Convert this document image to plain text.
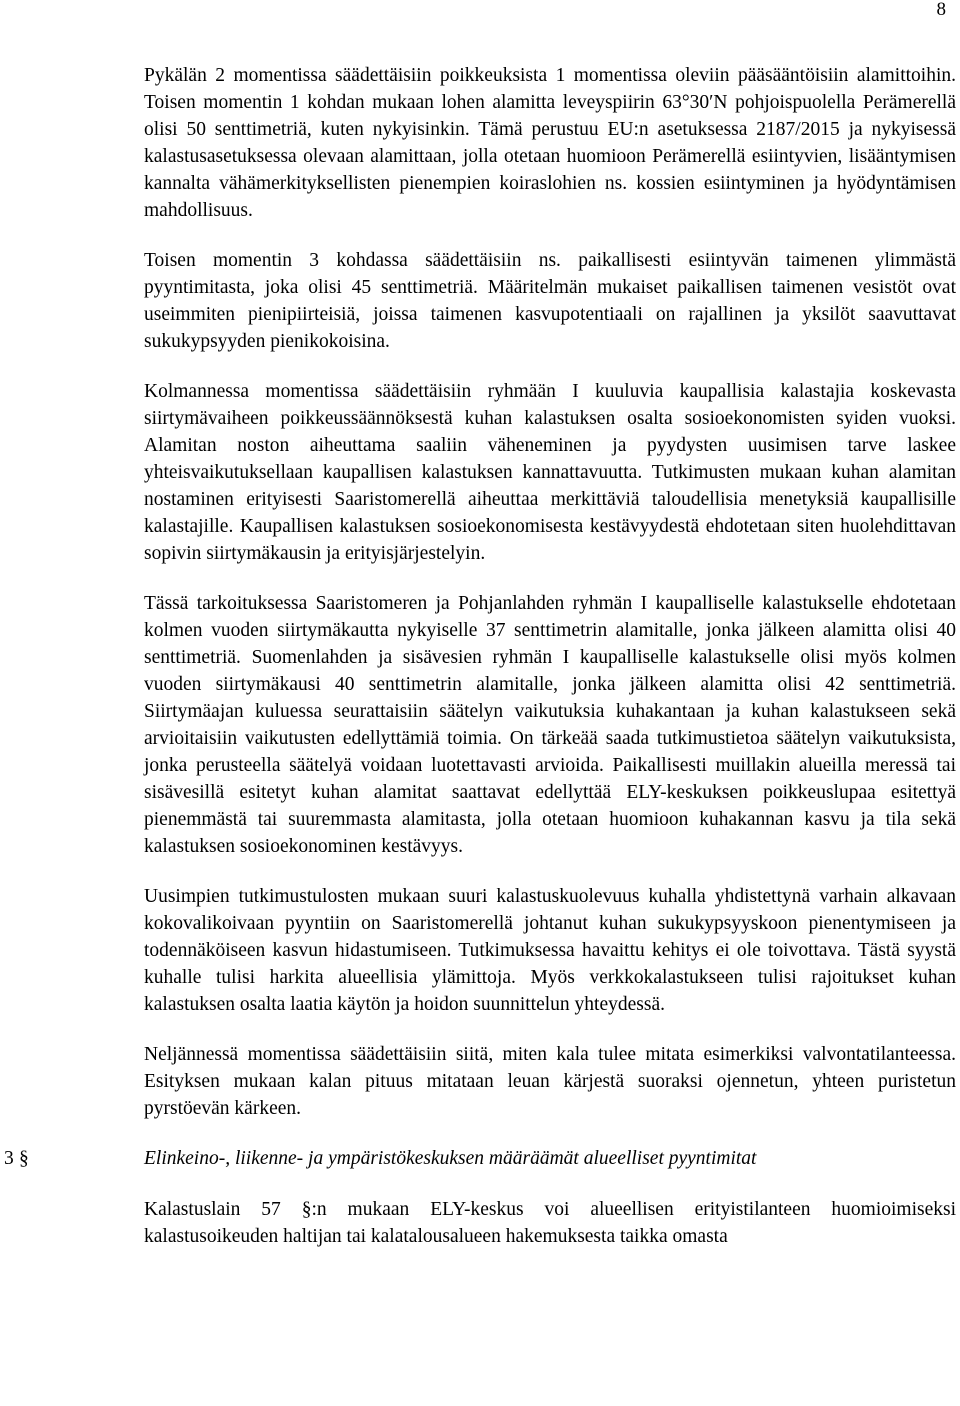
8

Pykälän 2 momentissa säädettäisiin poikkeuksista 1 momentissa oleviin pääsääntöisiin alamittoihin. Toisen momentin 1 kohdan mukaan lohen alamitta leveyspiirin 63°30′N pohjoispuolella Perämerellä olisi 50 senttimetriä, kuten nykyisinkin. Tämä perustuu EU:n asetuksessa 2187/2015 ja nykyisessä kalastusasetuksessa olevaan alamittaan, jolla otetaan huomioon Perämerellä esiintyvien, lisääntymisen kannalta vähämerkityksellisten pienempien koiraslohien ns. kossien esiintyminen ja hyödyntämisen mahdollisuus.

Toisen momentin 3 kohdassa säädettäisiin ns. paikallisesti esiintyvän taimenen ylimmästä pyyntimitasta, joka olisi 45 senttimetriä. Määritelmän mukaiset paikallisen taimenen vesistöt ovat useimmiten pienipiirteisiä, joissa taimenen kasvupotentiaali on rajallinen ja yksilöt saavuttavat sukukypsyyden pienikokoisina.

Kolmannessa momentissa säädettäisiin ryhmään I kuuluvia kaupallisia kalastajia koskevasta siirtymävaiheen poikkeussäännöksestä kuhan kalastuksen osalta sosioekonomisten syiden vuoksi. Alamitan noston aiheuttama saaliin väheneminen ja pyydysten uusimisen tarve laskee yhteisvaikutuksellaan kaupallisen kalastuksen kannattavuutta. Tutkimusten mukaan kuhan alamitan nostaminen erityisesti Saaristomerellä aiheuttaa merkittäviä taloudellisia menetyksiä kaupallisille kalastajille. Kaupallisen kalastuksen sosioekonomisesta kestävyydestä ehdotetaan siten huolehdittavan sopivin siirtymäkausin ja erityisjärjestelyin.

Tässä tarkoituksessa Saaristomeren ja Pohjanlahden ryhmän I kaupalliselle kalastukselle ehdotetaan kolmen vuoden siirtymäkautta nykyiselle 37 senttimetrin alamitalle, jonka jälkeen alamitta olisi 40 senttimetriä. Suomenlahden ja sisävesien ryhmän I kaupalliselle kalastukselle olisi myös kolmen vuoden siirtymäkausi 40 senttimetrin alamitalle, jonka jälkeen alamitta olisi 42 senttimetriä. Siirtymäajan kuluessa seurattaisiin säätelyn vaikutuksia kuhakantaan ja kuhan kalastukseen sekä arvioitaisiin vaikutusten edellyttämiä toimia. On tärkeää saada tutkimustietoa säätelyn vaikutuksista, jonka perusteella säätelyä voidaan luotettavasti arvioida. Paikallisesti muillakin alueilla meressä tai sisävesillä esitetyt kuhan alamitat saattavat edellyttää ELY-keskuksen poikkeuslupaa esitettyä pienemmästä tai suuremmasta alamitasta, jolla otetaan huomioon kuhakannan kasvu ja tila sekä kalastuksen sosioekonominen kestävyys.

Uusimpien tutkimustulosten mukaan suuri kalastuskuolevuus kuhalla yhdistettynä varhain alkavaan kokovalikoivaan pyyntiin on Saaristomerellä johtanut kuhan sukukypsyyskoon pienentymiseen ja todennäköiseen kasvun hidastumiseen. Tutkimuksessa havaittu kehitys ei ole toivottava. Tästä syystä kuhalle tulisi harkita alueellisia ylämittoja. Myös verkkokalastukseen tulisi rajoitukset kuhan kalastuksen osalta laatia käytön ja hoidon suunnittelun yhteydessä.

Neljännessä momentissa säädettäisiin siitä, miten kala tulee mitata esimerkiksi valvontatilanteessa. Esityksen mukaan kalan pituus mitataan leuan kärjestä suoraksi ojennetun, yhteen puristetun pyrstöevän kärkeen.

3 §	Elinkeino-, liikenne- ja ympäristökeskuksen määräämät alueelliset pyyntimitat

Kalastuslain 57 §:n mukaan ELY-keskus voi alueellisen erityistilanteen huomioimiseksi kalastusoikeuden haltijan tai kalatalousalueen hakemuksesta taikka omasta
